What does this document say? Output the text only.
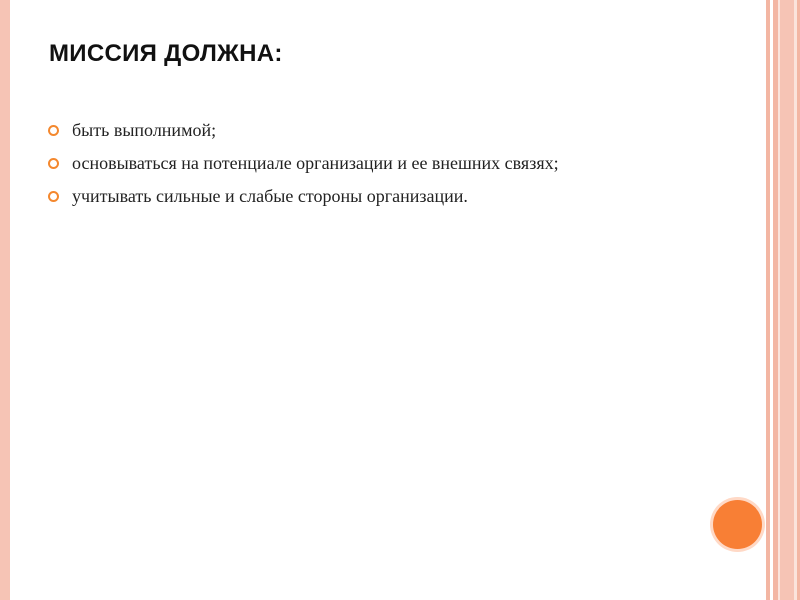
МИССИЯ ДОЛЖНА:
быть выполнимой;
основываться на потенциале организации и ее внешних связях;
учитывать сильные и слабые стороны организации.
